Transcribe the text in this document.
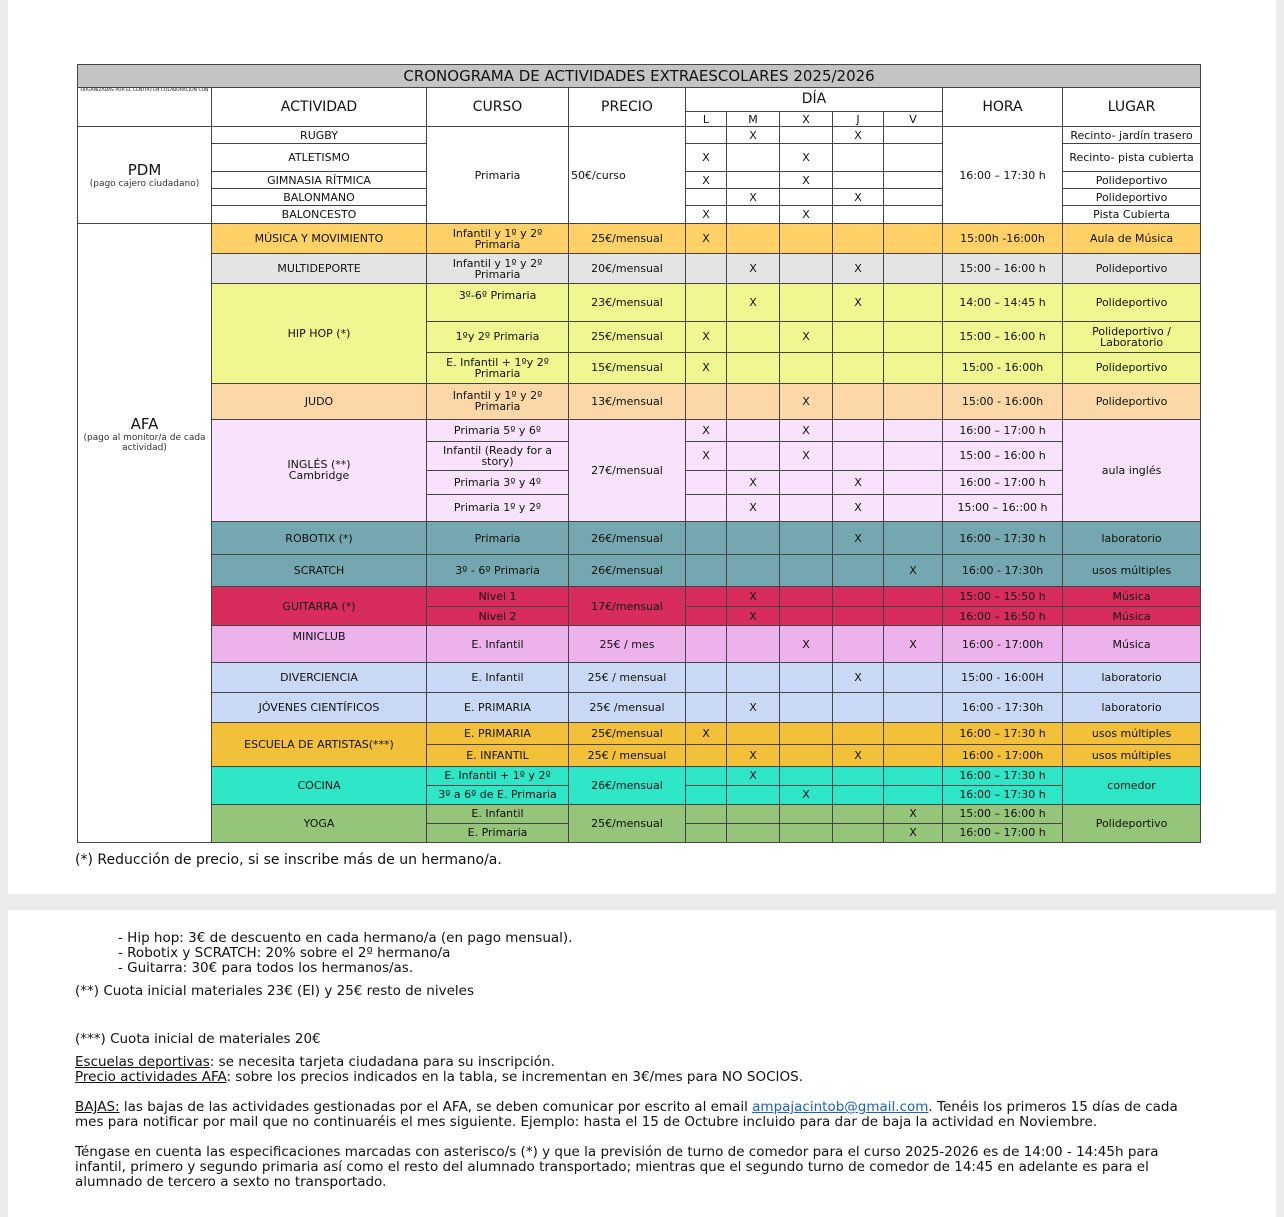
CRONOGRAMA DE ACTIVIDADES EXTRAESCOLARES 2025/2026										
ORGANIZADAS POR EL CENTRO EN COLABORACIÓN CON	ACTIVIDAD	CURSO	PRECIO	DÍA					HORA	LUGAR
				L	M	X	J	V		

PDM
(pago cajero ciudadano)	RUGBY	Primaria	50€/curso		X		X		16:00 – 17:30 h	Recinto- jardín trasero
	ATLETISMO			X		X				Recinto- pista cubierta
	GIMNASIA RÍTMICA			X		X				Polideportivo
	BALONMANO				X		X			Polideportivo
	BALONCESTO			X		X				Pista Cubierta

AFA
(pago al monitor/a de cada actividad)	MÚSICA Y MOVIMIENTO	Infantil y 1º y 2º Primaria	25€/mensual	X					15:00h -16:00h	Aula de Música
	MULTIDEPORTE	Infantil y 1º y 2º Primaria	20€/mensual		X		X		15:00 – 16:00 h	Polideportivo
	HIP HOP (*)	3º-6º Primaria	23€/mensual		X		X		14:00 – 14:45 h	Polideportivo
		1ºy 2º Primaria	25€/mensual	X		X			15:00 – 16:00 h	Polideportivo / Laboratorio
		E. Infantil + 1ºy 2º Primaria	15€/mensual	X					15:00 - 16:00h	Polideportivo
	JUDO	Infantil y 1º y 2º Primaria	13€/mensual			X			15:00 - 16:00h	Polideportivo
	INGLÉS (**)
Cambridge	Primaria 5º y 6º	27€/mensual	X		X			16:00 – 17:00 h	aula inglés
		Infantil (Ready for a story)		X		X			15:00 – 16:00 h	
		Primaria 3º y 4º			X		X		16:00 – 17:00 h	
		Primaria 1º y 2º			X		X		15:00 – 16::00 h	
	ROBOTIX (*)	Primaria	26€/mensual				X		16:00 – 17:30 h	laboratorio
	SCRATCH	3º - 6º Primaria	26€/mensual					X	16:00 - 17:30h	usos múltiples
	GUITARRA (*)	Nivel 1	17€/mensual		X				15:00 – 15:50 h	Música
		Nivel 2			X				16:00 – 16:50 h	Música
	MINICLUB	E. Infantil	25€ / mes			X		X	16:00 - 17:00h	Música
	DIVERCIENCIA	E. Infantil	25€ / mensual				X		15:00 - 16:00H	laboratorio
	JÓVENES CIENTÍFICOS	E. PRIMARIA	25€ /mensual		X				16:00 - 17:30h	laboratorio
	ESCUELA DE ARTISTAS(***)	E. PRIMARIA	25€/mensual	X					16:00 – 17:30 h	usos múltiples
		E. INFANTIL	25€ / mensual		X		X		16:00 - 17:00h	usos múltiples
	COCINA	E. Infantil + 1º y 2º	26€/mensual		X				16:00 – 17:30 h	comedor
		3º a 6º de E. Primaria				X			16:00 – 17:30 h	
	YOGA	E. Infantil	25€/mensual					X	15:00 – 16:00 h	Polideportivo
		E. Primaria						X	16:00 – 17:00 h	
(*) Reducción de precio, si se inscribe más de un hermano/a.

- Hip hop: 3€ de descuento en cada hermano/a (en pago mensual).

- Robotix y SCRATCH: 20% sobre el 2º hermano/a

- Guitarra: 30€ para todos los hermanos/as.

(**) Cuota inicial materiales 23€ (EI) y 25€ resto de niveles

(***) Cuota inicial de materiales 20€

Escuelas deportivas: se necesita tarjeta ciudadana para su inscripción.

Precio actividades AFA: sobre los precios indicados en la tabla, se incrementan en 3€/mes para NO SOCIOS.

BAJAS: las bajas de las actividades gestionadas por el AFA, se deben comunicar por escrito al email ampajacintob@gmail.com. Tenéis los primeros 15 días de cada mes para notificar por mail que no continuaréis el mes siguiente. Ejemplo: hasta el 15 de Octubre incluido para dar de baja la actividad en Noviembre.

Téngase en cuenta las especificaciones marcadas con asterisco/s (*) y que la previsión de turno de comedor para el curso 2025-2026 es de 14:00 - 14:45h para infantil, primero y segundo primaria así como el resto del alumnado transportado; mientras que el segundo turno de comedor de 14:45 en adelante es para el alumnado de tercero a sexto no transportado.
